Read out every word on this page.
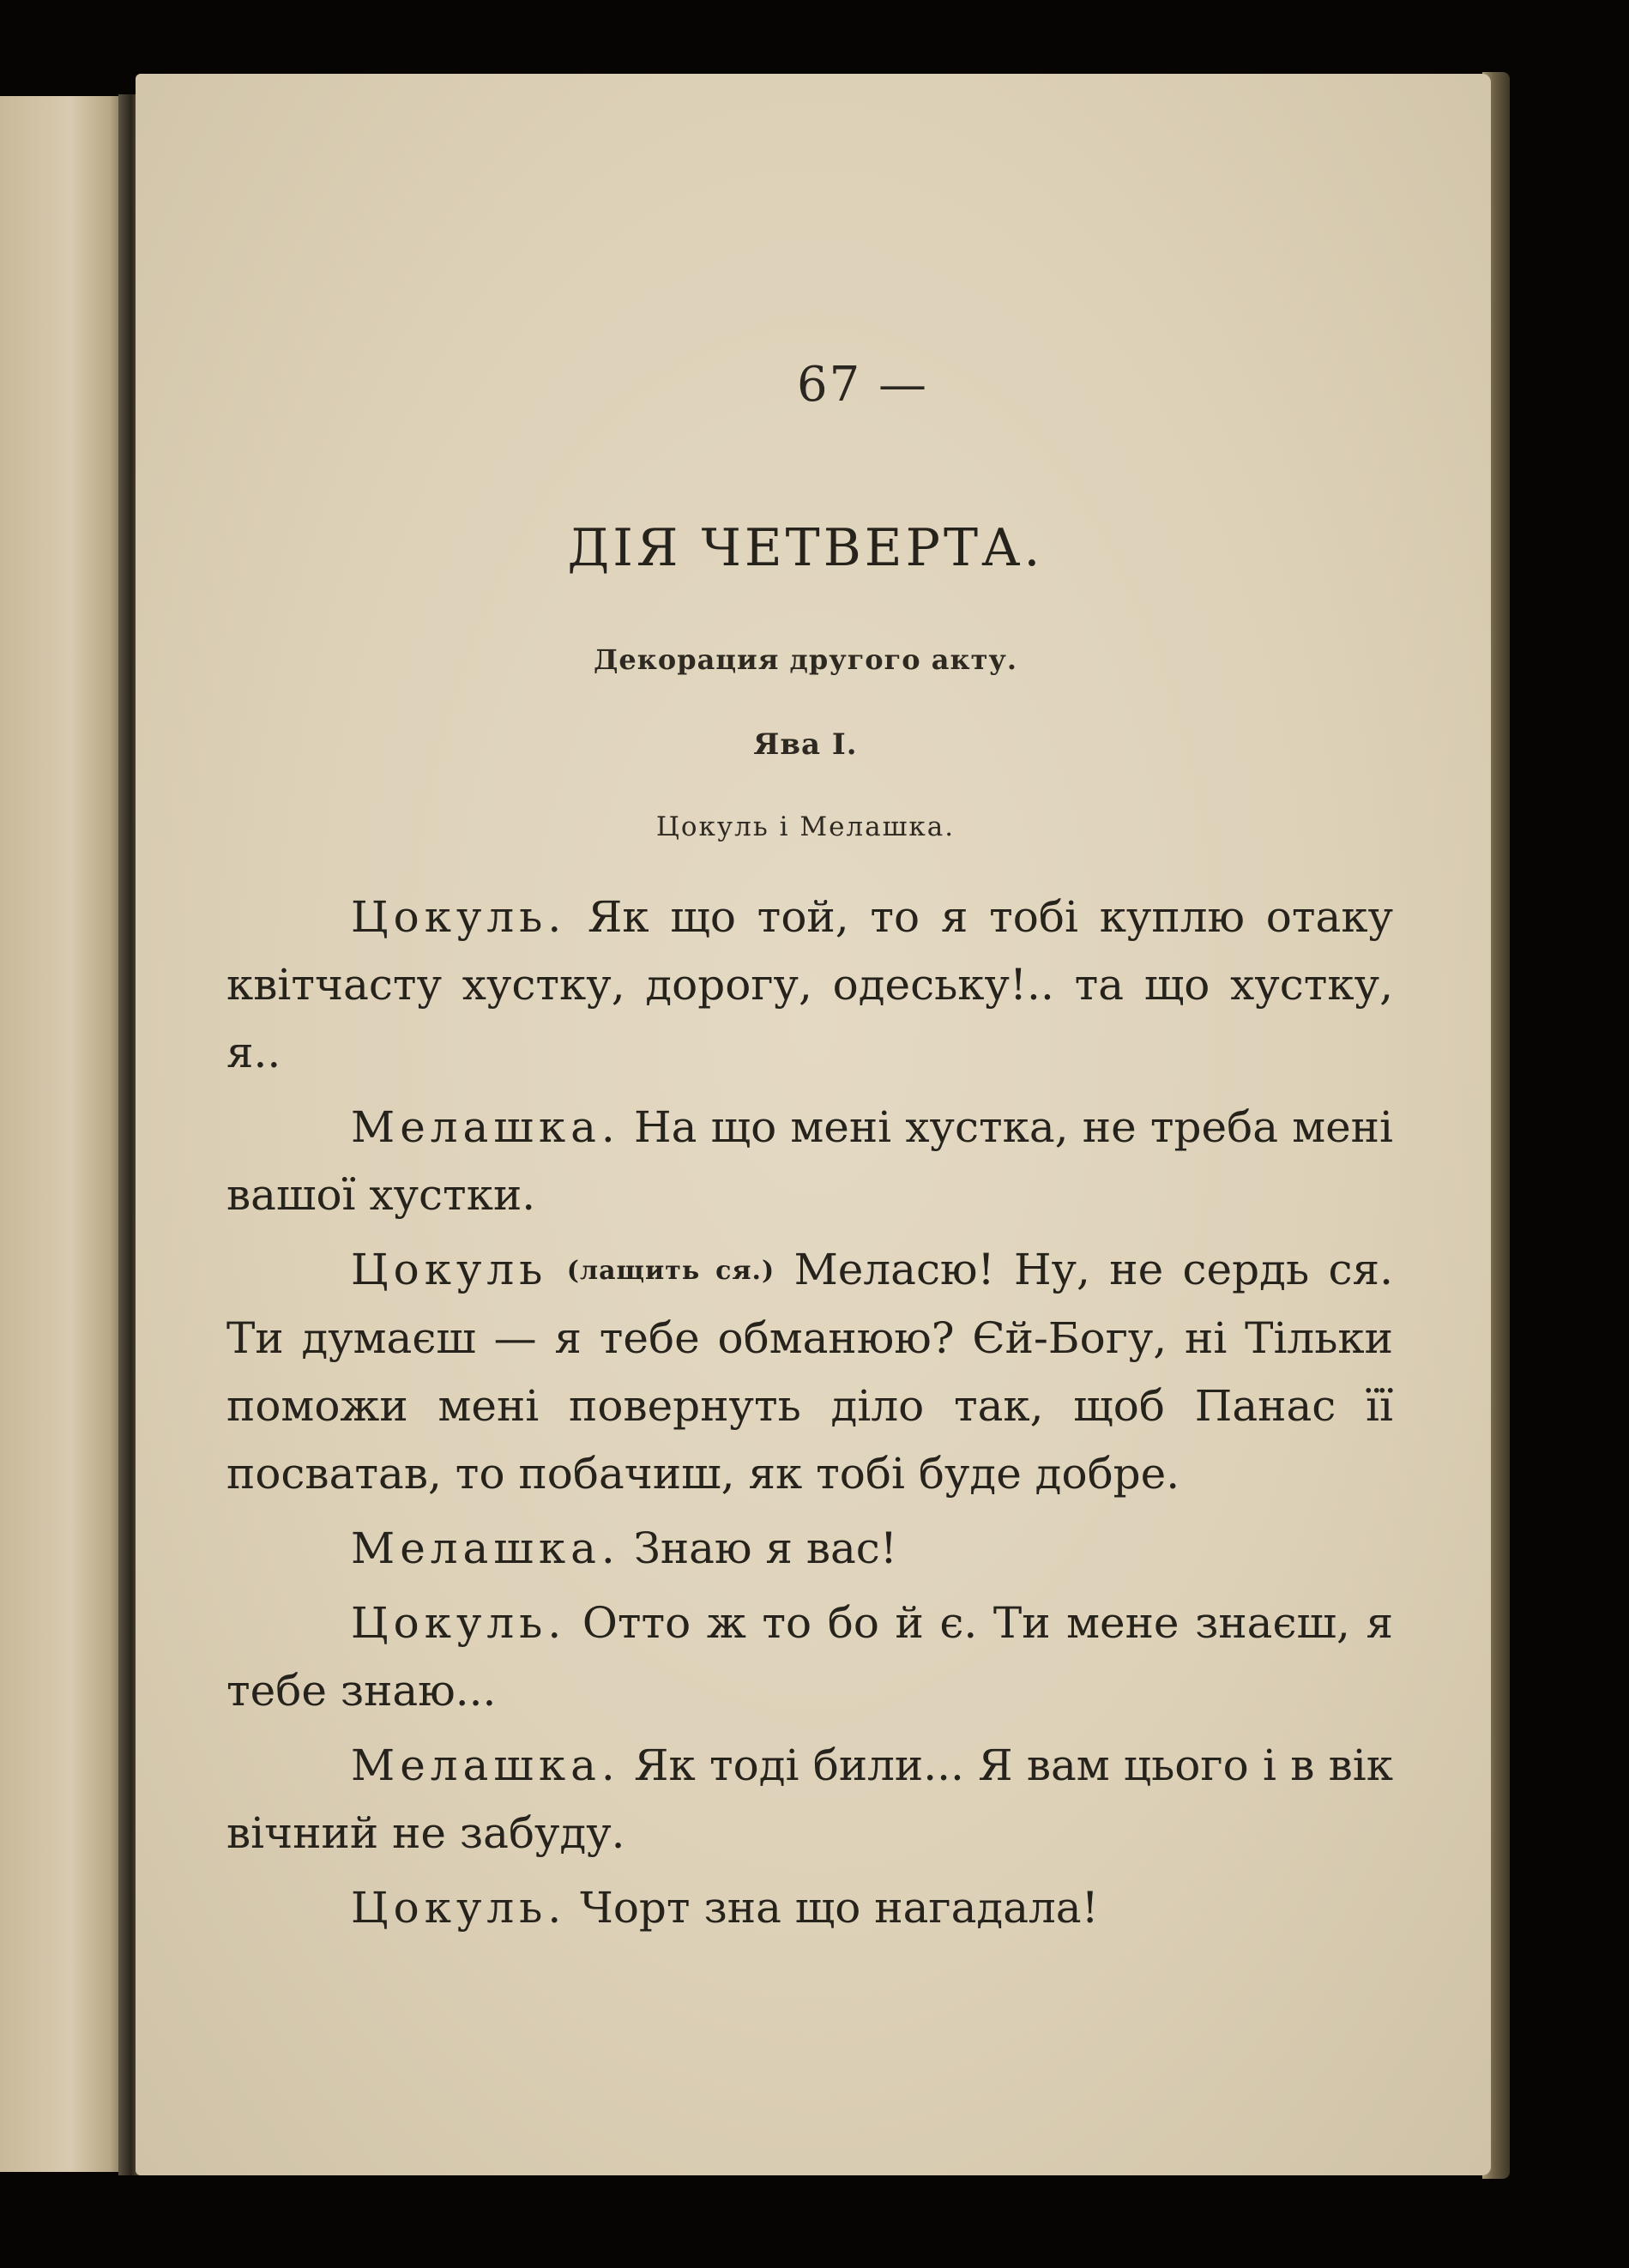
67 —
ДІЯ ЧЕТВЕРТА.
Декорация другого акту.
Ява І.
Цокуль і Мелашка.

Цокуль. Як що той, то я тобі куплю отаку квітчасту хустку, дорогу, одеську!.. та що хустку, я..

Мелашка. На що мені хустка, не треба мені вашої хустки.

Цокуль (лащить ся.) Меласю! Ну, не сердь ся. Ти думаєш — я тебе обманюю? Єй-Богу, ні Тільки поможи мені повернуть діло так, щоб Панас її посватав, то побачиш, як тобі буде добре.

Мелашка. Знаю я вас!

Цокуль. Отто ж то бо й є. Ти мене знаєш, я тебе знаю...

Мелашка. Як тоді били... Я вам цього і в вік вічний не забуду.

Цокуль. Чорт зна що нагадала!
